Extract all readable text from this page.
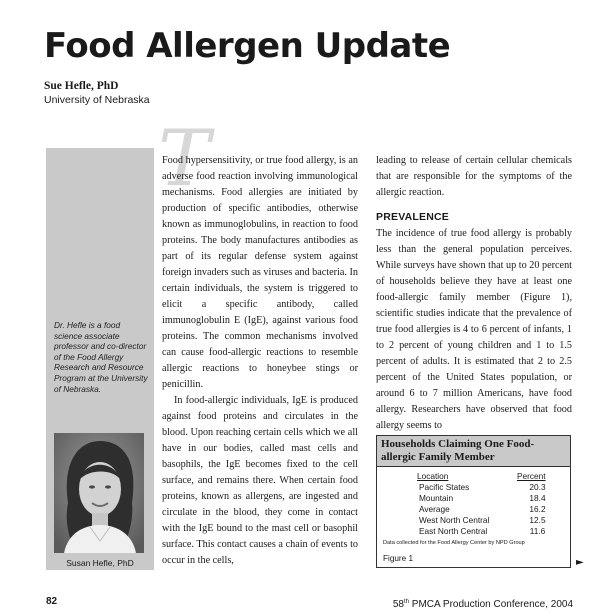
Food Allergen Update
Sue Hefle, PhD
University of Nebraska

Dr. Hefle is a food science associate professor and co-director of the Food Allergy Research and Resource Program at the University of Nebraska.

Susan Hefle, PhD
T

Food hypersensitivity, or true food allergy, is an adverse food reaction involving immunological mechanisms. Food allergies are initiated by production of specific antibodies, otherwise known as immunoglobulins, in reaction to food proteins. The body manufactures antibodies as part of its regular defense system against foreign invaders such as viruses and bacteria. In certain individuals, the system is triggered to elicit a specific antibody, called immunoglobulin E (IgE), against various food proteins. The common mechanisms involved can cause food-allergic reactions to resemble allergic reactions to honeybee stings or penicillin.

In food-allergic individuals, IgE is produced against food proteins and circulates in the blood. Upon reaching certain cells which we all have in our bodies, called mast cells and basophils, the IgE becomes fixed to the cell surface, and remains there. When certain food proteins, known as allergens, are ingested and circulate in the blood, they come in contact with the IgE bound to the mast cell or basophil surface. This contact causes a chain of events to occur in the cells,

leading to release of certain cellular chemicals that are responsible for the symptoms of the allergic reaction.

PREVALENCE

The incidence of true food allergy is probably less than the general population perceives. While surveys have shown that up to 20 percent of households believe they have at least one food-allergic family member (Figure 1), scientific studies indicate that the prevalence of true food allergies is 4 to 6 percent of infants, 1 to 2 percent of young children and 1 to 1.5 percent of adults. It is estimated that 2 to 2.5 percent of the United States population, or around 6 to 7 million Americans, have food allergy. Researchers have observed that food allergy seems to

Households Claiming One Food-allergic Family Member
Location	Percent
Pacific States	20.3
Mountain	18.4
Average	16.2
West North Central	12.5
East North Central	11.6
Data collected for the Food Allergy Center by NPD Group
Figure 1	►
82	58th PMCA Production Conference, 2004
